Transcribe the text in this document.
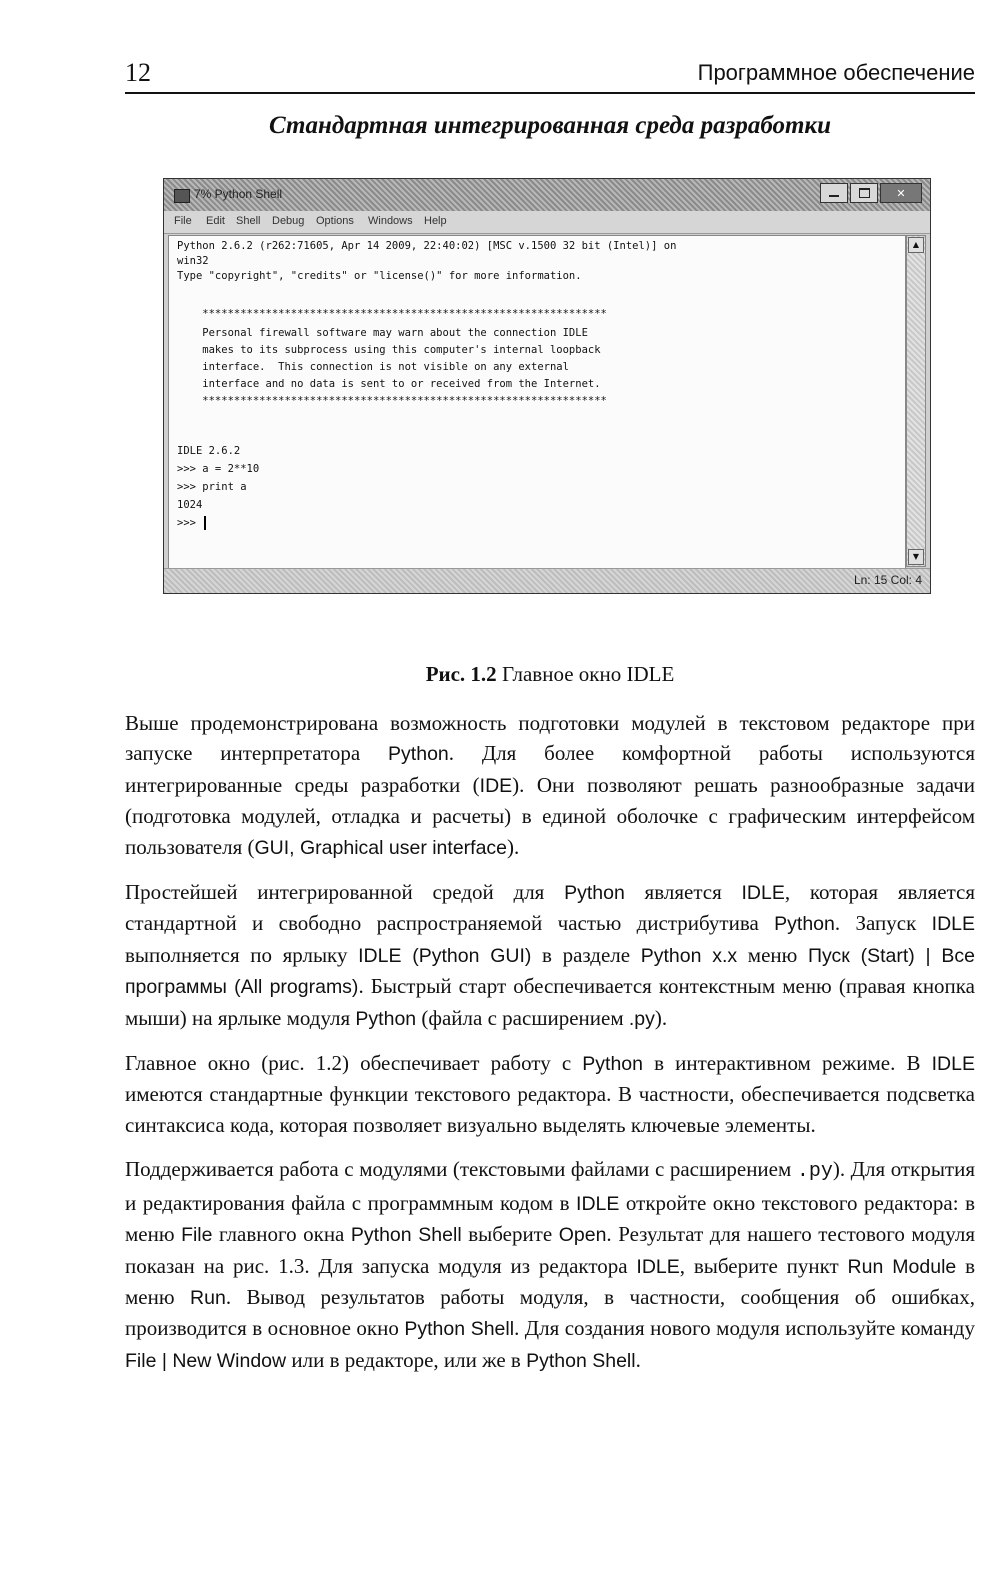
12	Программное обеспечение
Стандартная интегрированная среда разработки
7% Python Shell	✕
File Edit Shell Debug Options Windows Help
Python 2.6.2 (r262:71605, Apr 14 2009, 22:40:02) [MSC v.1500 32 bit (Intel)] on
win32
Type "copyright", "credits" or "license()" for more information.
****************************************************************
Personal firewall software may warn about the connection IDLE
makes to its subprocess using this computer's internal loopback
interface.  This connection is not visible on any external
interface and no data is sent to or received from the Internet.
****************************************************************
IDLE 2.6.2
>>> a = 2**10
>>> print a
1024
>>>
▲
▼
Ln: 15 Col: 4
Рис. 1.2 Главное окно IDLE

Выше продемонстрирована возможность подготовки модулей в текстовом редакторе при запуске интерпретатора Python. Для более комфортной работы используются интегрированные среды разработки (IDE). Они позволяют решать разнообразные задачи (подготовка модулей, отладка и расчеты) в единой оболочке с графическим интерфейсом пользователя (GUI, Graphical user interface).

Простейшей интегрированной средой для Python является IDLE, которая является стандартной и свободно распространяемой частью дистрибутива Python. Запуск IDLE выполняется по ярлыку IDLE (Python GUI) в разделе Python x.x меню Пуск (Start) | Все программы (All programs). Быстрый старт обеспечивается контекстным меню (правая кнопка мыши) на ярлыке модуля Python (файла с расширением .py).

Главное окно (рис. 1.2) обеспечивает работу с Python в интерактивном режиме. В IDLE имеются стандартные функции текстового редактора. В частности, обеспечивается подсветка синтаксиса кода, которая позволяет визуально выделять ключевые элементы.

Поддерживается работа с модулями (текстовыми файлами с расширением .py). Для открытия и редактирования файла с программным кодом в IDLE откройте окно текстового редактора: в меню File главного окна Python Shell выберите Open. Результат для нашего тестового модуля показан на рис. 1.3. Для запуска модуля из редактора IDLE, выберите пункт Run Module в меню Run. Вывод результатов работы модуля, в частности, сообщения об ошибках, производится в основное окно Python Shell. Для создания нового модуля используйте команду File | New Window или в редакторе, или же в Python Shell.
